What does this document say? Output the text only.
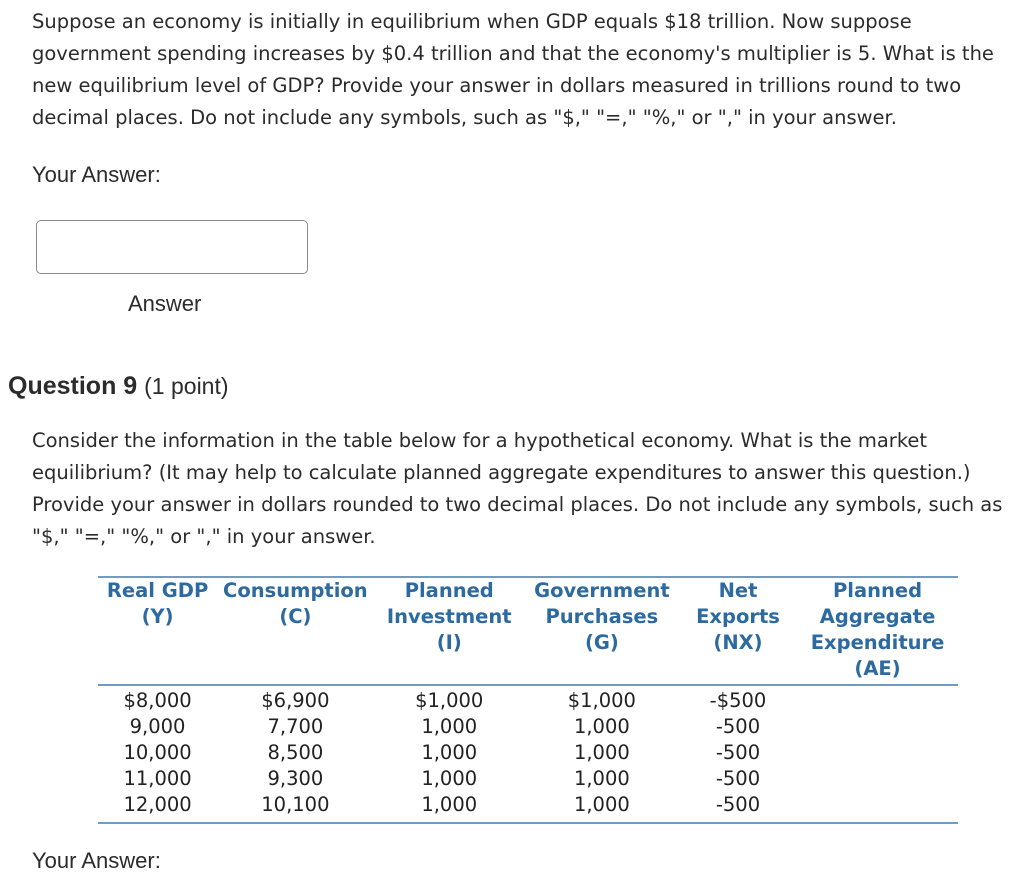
Suppose an economy is initially in equilibrium when GDP equals $18 trillion. Now suppose government spending increases by $0.4 trillion and that the economy's multiplier is 5. What is the new equilibrium level of GDP? Provide your answer in dollars measured in trillions round to two decimal places. Do not include any symbols, such as "$," "=," "%," or "," in your answer.

Your Answer:

Answer
Question 9 (1 point)

Consider the information in the table below for a hypothetical economy. What is the market equilibrium? (It may help to calculate planned aggregate expenditures to answer this question.) Provide your answer in dollars rounded to two decimal places. Do not include any symbols, such as "$," "=," "%," or "," in your answer.

Real GDP
(Y)	Consumption
(C)	Planned
Investment
(I)	Government
Purchases
(G)	Net
Exports
(NX)	Planned
Aggregate
Expenditure
(AE)

$8,000	$6,900	$1,000	$1,000	-$500	
9,000	7,700	1,000	1,000	-500	
10,000	8,500	1,000	1,000	-500	
11,000	9,300	1,000	1,000	-500	
12,000	10,100	1,000	1,000	-500	

Your Answer:
